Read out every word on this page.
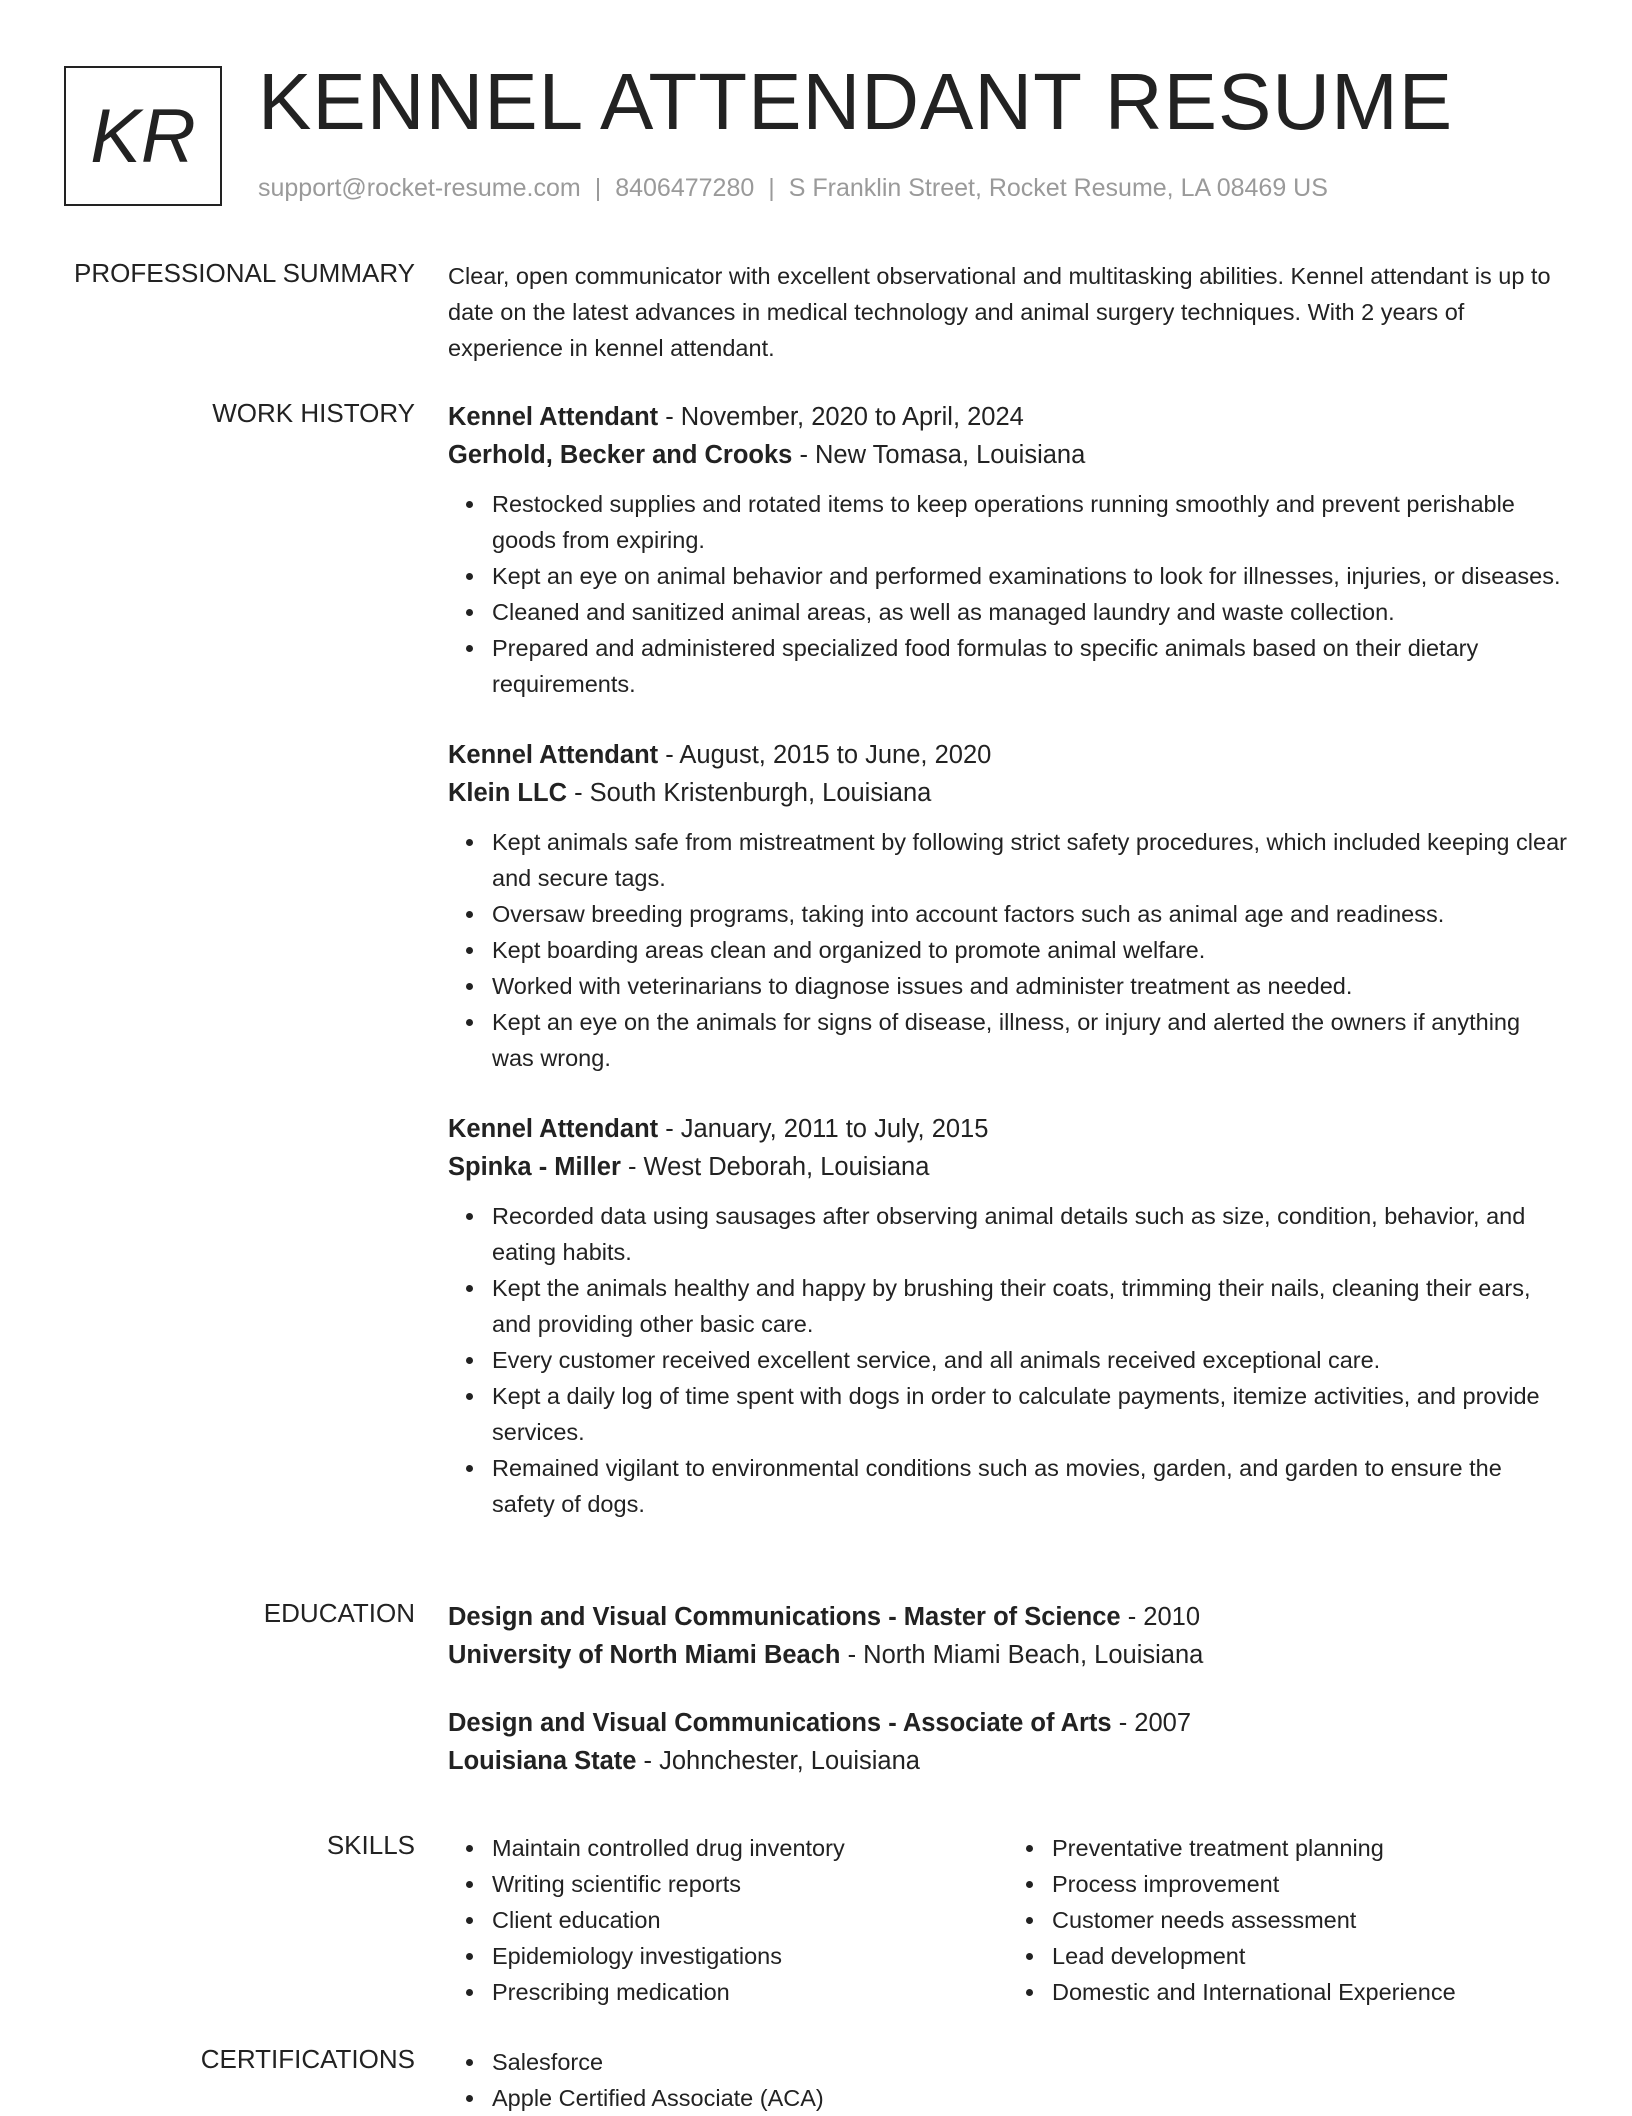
KR KENNEL ATTENDANT RESUME
support@rocket-resume.com | 8406477280 | S Franklin Street, Rocket Resume, LA 08469 US
PROFESSIONAL SUMMARY Clear, open communicator with excellent observational and multitasking abilities. Kennel attendant is up to date on the latest advances in medical technology and animal surgery techniques. With 2 years of experience in kennel attendant.

WORK HISTORY Kennel Attendant - November, 2020 to April, 2024
Gerhold, Becker and Crooks - New Tomasa, Louisiana
Restocked supplies and rotated items to keep operations running smoothly and prevent perishable goods from expiring.
Kept an eye on animal behavior and performed examinations to look for illnesses, injuries, or diseases.
Cleaned and sanitized animal areas, as well as managed laundry and waste collection.
Prepared and administered specialized food formulas to specific animals based on their dietary requirements.
Kennel Attendant - August, 2015 to June, 2020
Klein LLC - South Kristenburgh, Louisiana
Kept animals safe from mistreatment by following strict safety procedures, which included keeping clear and secure tags.
Oversaw breeding programs, taking into account factors such as animal age and readiness.
Kept boarding areas clean and organized to promote animal welfare.
Worked with veterinarians to diagnose issues and administer treatment as needed.
Kept an eye on the animals for signs of disease, illness, or injury and alerted the owners if anything was wrong.
Kennel Attendant - January, 2011 to July, 2015
Spinka - Miller - West Deborah, Louisiana
Recorded data using sausages after observing animal details such as size, condition, behavior, and eating habits.
Kept the animals healthy and happy by brushing their coats, trimming their nails, cleaning their ears, and providing other basic care.
Every customer received excellent service, and all animals received exceptional care.
Kept a daily log of time spent with dogs in order to calculate payments, itemize activities, and provide services.
Remained vigilant to environmental conditions such as movies, garden, and garden to ensure the safety of dogs.
EDUCATION Design and Visual Communications - Master of Science - 2010
University of North Miami Beach - North Miami Beach, Louisiana
Design and Visual Communications - Associate of Arts - 2007
Louisiana State - Johnchester, Louisiana
SKILLS	Maintain controlled drug inventory
Writing scientific reports
Client education
Epidemiology investigations
Prescribing medication
Preventative treatment planning
Process improvement
Customer needs assessment
Lead development
Domestic and International Experience
CERTIFICATIONS	Salesforce
Apple Certified Associate (ACA)
